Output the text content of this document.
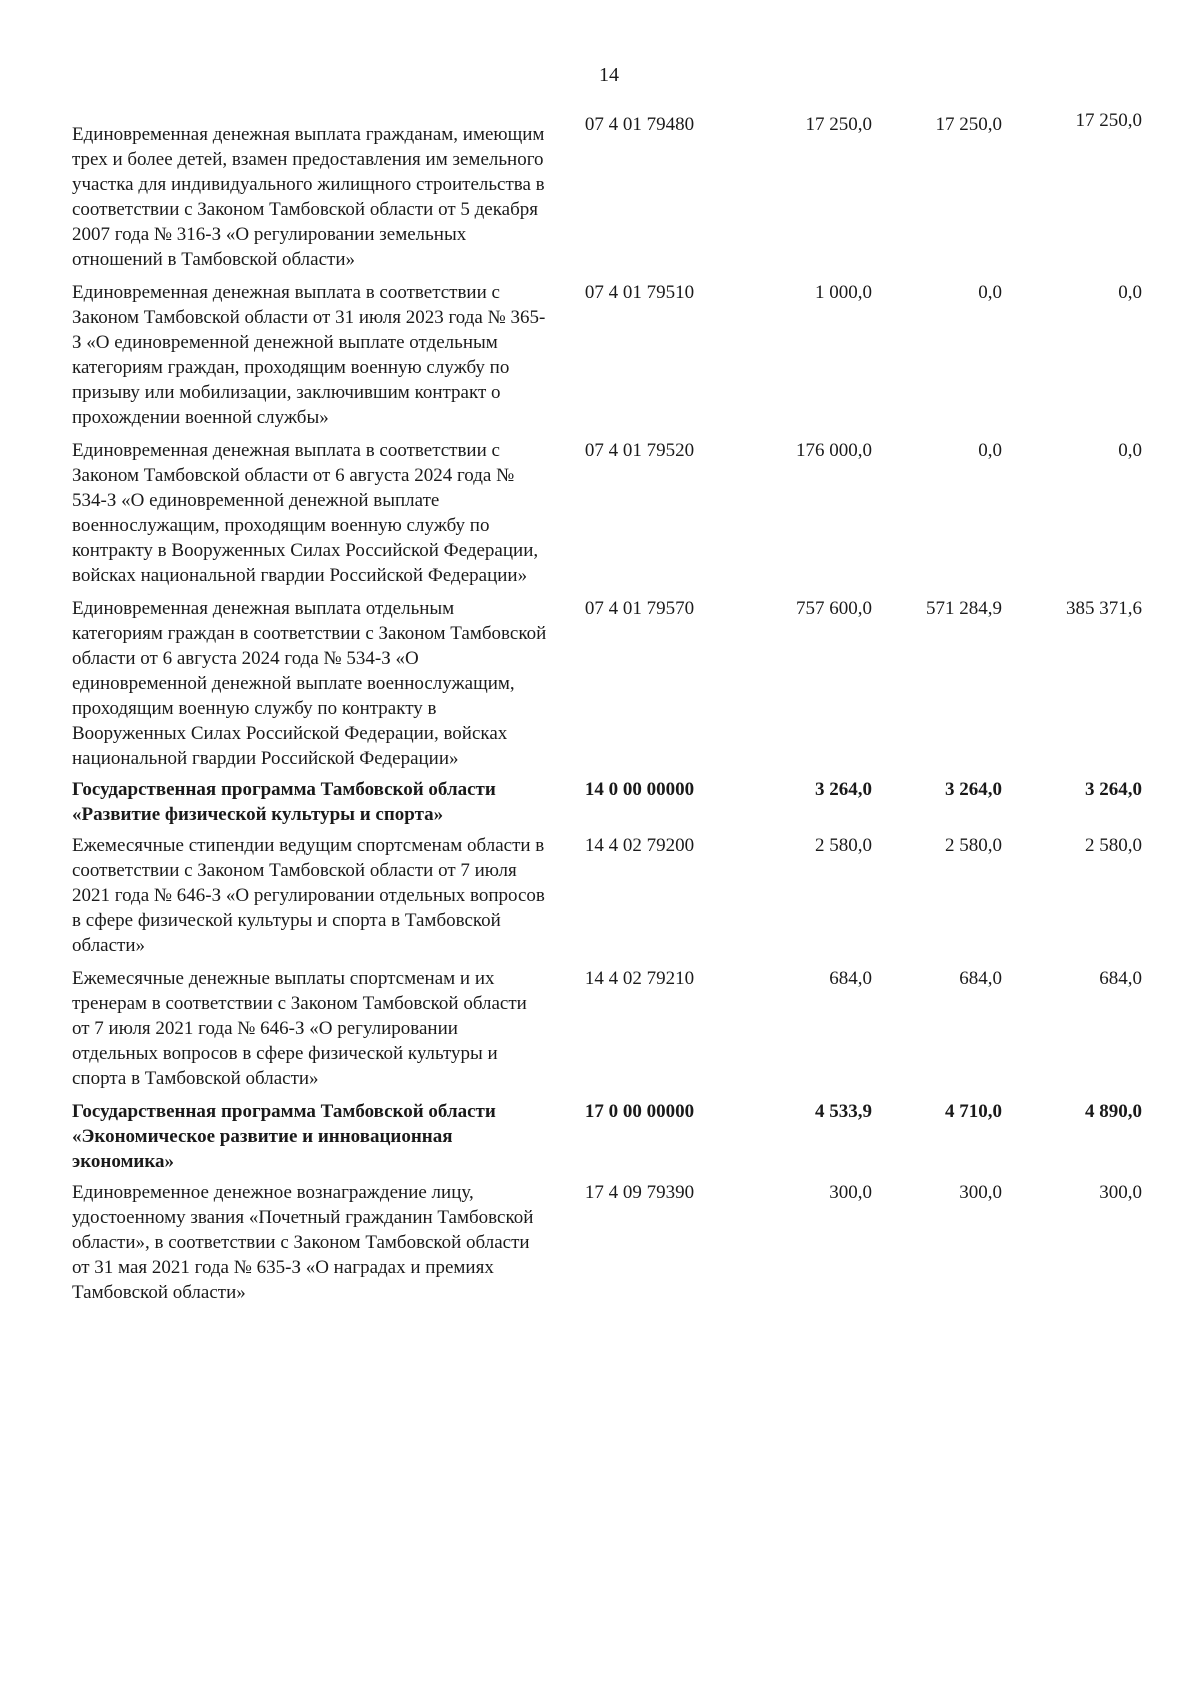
14
Единовременная денежная выплата гражданам, имеющим трех и более детей, взамен предоставления им земельного участка для индивидуального жилищного строительства в соответствии с Законом Тамбовской области от 5 декабря 2007 года № 316-З «О регулировании земельных отношений в Тамбовской области»
07 4 01 79480	17 250,0	17 250,0	17 250,0
Единовременная денежная выплата в соответствии с Законом Тамбовской области от 31 июля 2023 года № 365-З «О единовременной денежной выплате отдельным категориям граждан, проходящим военную службу по призыву или мобилизации, заключившим контракт о прохождении военной службы»
07 4 01 79510	1 000,0	0,0	0,0
Единовременная денежная выплата в соответствии с Законом Тамбовской области от 6 августа 2024 года № 534-З «О единовременной денежной выплате военнослужащим, проходящим военную службу по контракту в Вооруженных Силах Российской Федерации, войсках национальной гвардии Российской Федерации»
07 4 01 79520	176 000,0	0,0	0,0
Единовременная денежная выплата отдельным категориям граждан в соответствии с Законом Тамбовской области от 6 августа 2024 года № 534-З «О единовременной денежной выплате военнослужащим, проходящим военную службу по контракту в Вооруженных Силах Российской Федерации, войсках национальной гвардии Российской Федерации»
07 4 01 79570	757 600,0	571 284,9	385 371,6
Государственная программа Тамбовской области «Развитие физической культуры и спорта»
14 0 00 00000	3 264,0	3 264,0	3 264,0
Ежемесячные стипендии ведущим спортсменам области в соответствии с Законом Тамбовской области от 7 июля 2021 года № 646-З «О регулировании отдельных вопросов в сфере физической культуры и спорта в Тамбовской области»
14 4 02 79200	2 580,0	2 580,0	2 580,0
Ежемесячные денежные выплаты спортсменам и их тренерам в соответствии с Законом Тамбовской области от 7 июля 2021 года № 646-З «О регулировании отдельных вопросов в сфере физической культуры и спорта в Тамбовской области»
14 4 02 79210	684,0	684,0	684,0
Государственная программа Тамбовской области «Экономическое развитие и инновационная экономика»
17 0 00 00000	4 533,9	4 710,0	4 890,0
Единовременное денежное вознаграждение лицу, удостоенному звания «Почетный гражданин Тамбовской области», в соответствии с Законом Тамбовской области от 31 мая 2021 года № 635-З «О наградах и премиях Тамбовской области»
17 4 09 79390	300,0	300,0	300,0
